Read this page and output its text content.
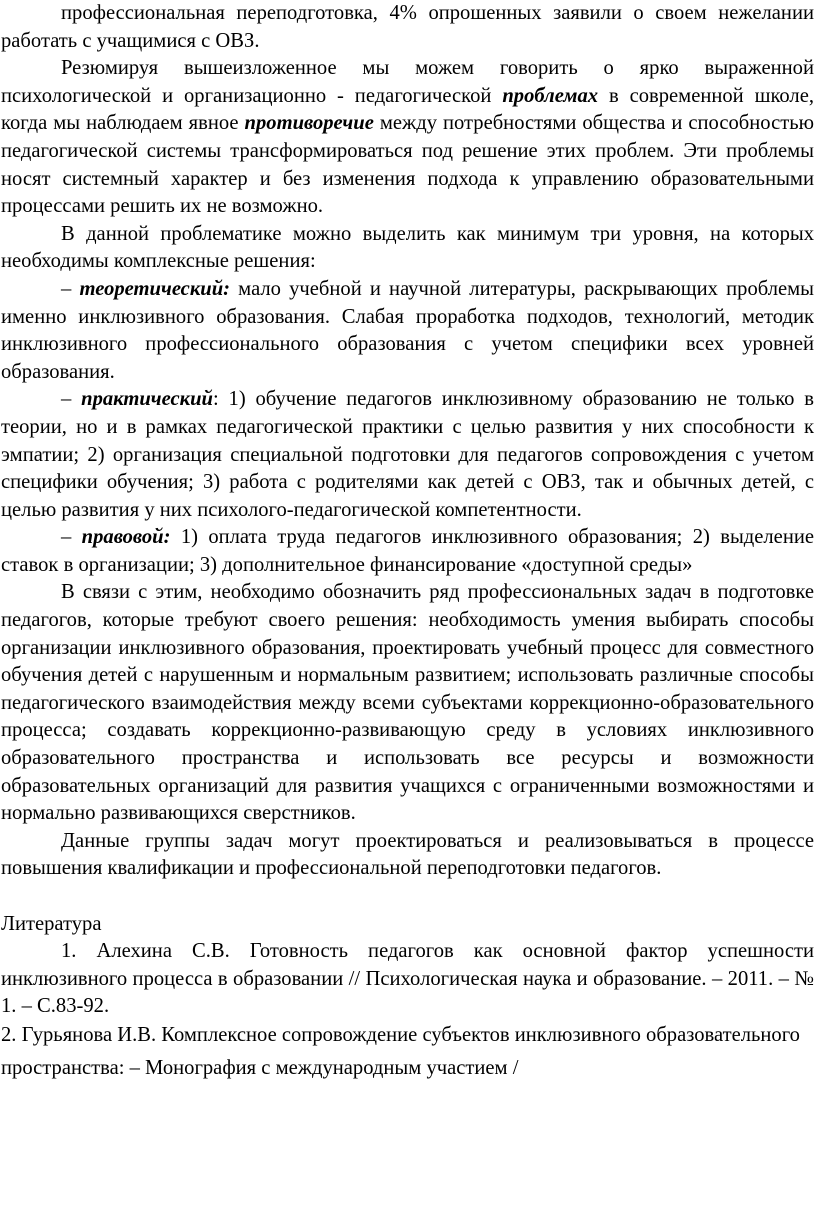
профессиональная переподготовка, 4% опрошенных заявили о своем нежелании работать с учащимися с ОВЗ.

Резюмируя вышеизложенное мы можем говорить о ярко выраженной психологической и организационно - педагогической проблемах в современной школе, когда мы наблюдаем явное противоречие между потребностями общества и способностью педагогической системы трансформироваться под решение этих проблем. Эти проблемы носят системный характер и без изменения подхода к управлению образовательными процессами решить их не возможно.

В данной проблематике можно выделить как минимум три уровня, на которых необходимы комплексные решения:

– теоретический: мало учебной и научной литературы, раскрывающих проблемы именно инклюзивного образования. Слабая проработка подходов, технологий, методик инклюзивного профессионального образования с учетом специфики всех уровней образования.

– практический: 1) обучение педагогов инклюзивному образованию не только в теории, но и в рамках педагогической практики с целью развития у них способности к эмпатии; 2) организация специальной подготовки для педагогов сопровождения с учетом специфики обучения; 3) работа с родителями как детей с ОВЗ, так и обычных детей, с целью развития у них психолого-педагогической компетентности.

– правовой: 1) оплата труда педагогов инклюзивного образования; 2) выделение ставок в организации; 3) дополнительное финансирование «доступной среды»

В связи с этим, необходимо обозначить ряд профессиональных задач в подготовке педагогов, которые требуют своего решения: необходимость умения выбирать способы организации инклюзивного образования, проектировать учебный процесс для совместного обучения детей с нарушенным и нормальным развитием; использовать различные способы педагогического взаимодействия между всеми субъектами коррекционно-образовательного процесса; создавать коррекционно-развивающую среду в условиях инклюзивного образовательного пространства и использовать все ресурсы и возможности образовательных организаций для развития учащихся с ограниченными возможностями и нормально развивающихся сверстников.

Данные группы задач могут проектироваться и реализовываться в процессе повышения квалификации и профессиональной переподготовки педагогов.

Литература

1. Алехина С.В. Готовность педагогов как основной фактор успешности инклюзивного процесса в образовании // Психологическая наука и образование. – 2011. – № 1. – С.83-92.

2. Гурьянова И.В. Комплексное сопровождение субъектов инклюзивного образовательного пространства: – Монография с международным участием /
